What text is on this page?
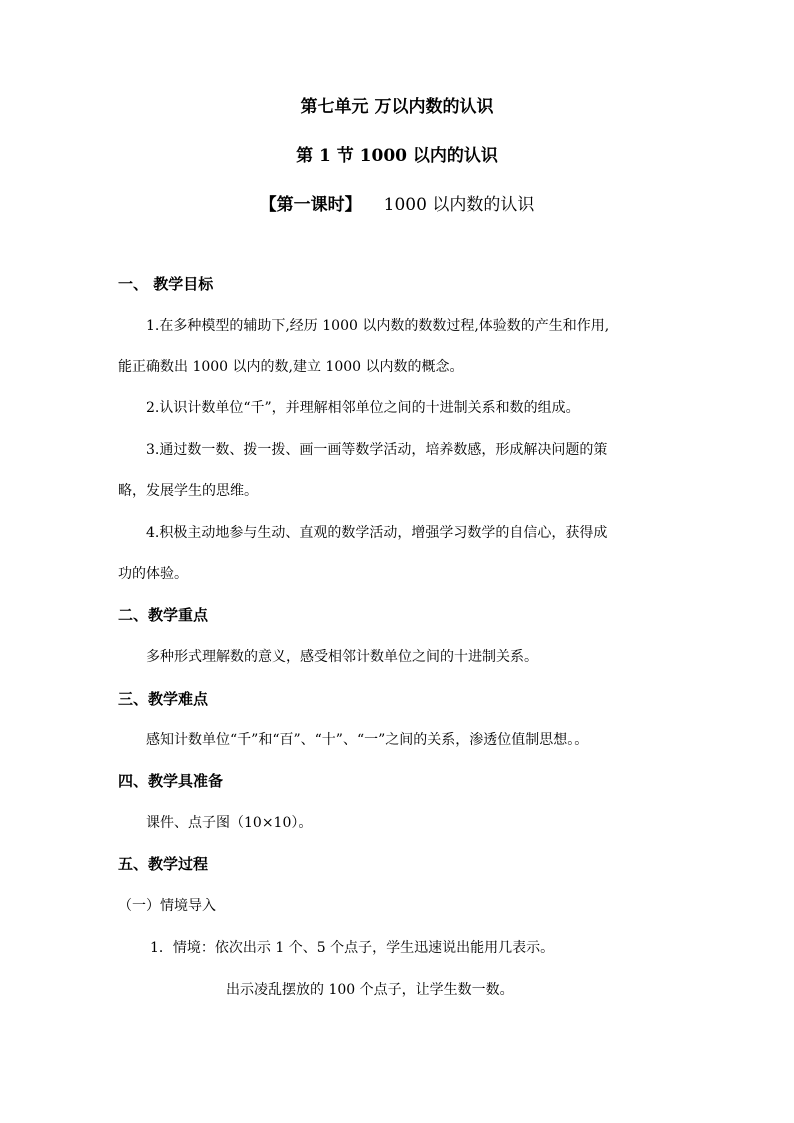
第七单元 万以内数的认识
第 1 节 1000 以内的认识
【第一课时】 1000 以内数的认识
一、 教学目标
1.在多种模型的辅助下,经历 1000 以内数的数数过程,体验数的产生和作用,
能正确数出 1000 以内的数,建立 1000 以内数的概念。
2.认识计数单位“千”，并理解相邻单位之间的十进制关系和数的组成。
3.通过数一数、拨一拨、画一画等数学活动，培养数感，形成解决问题的策
略，发展学生的思维。
4.积极主动地参与生动、直观的数学活动，增强学习数学的自信心，获得成
功的体验。
二、教学重点
多种形式理解数的意义，感受相邻计数单位之间的十进制关系。
三、教学难点
感知计数单位“千”和“百”、“十”、“一”之间的关系，渗透位值制思想。。
四、教学具准备
课件、点子图（10×10）。
五、教学过程
（一）情境导入
1．情境：依次出示 1 个、5 个点子，学生迅速说出能用几表示。
出示凌乱摆放的 100 个点子，让学生数一数。
